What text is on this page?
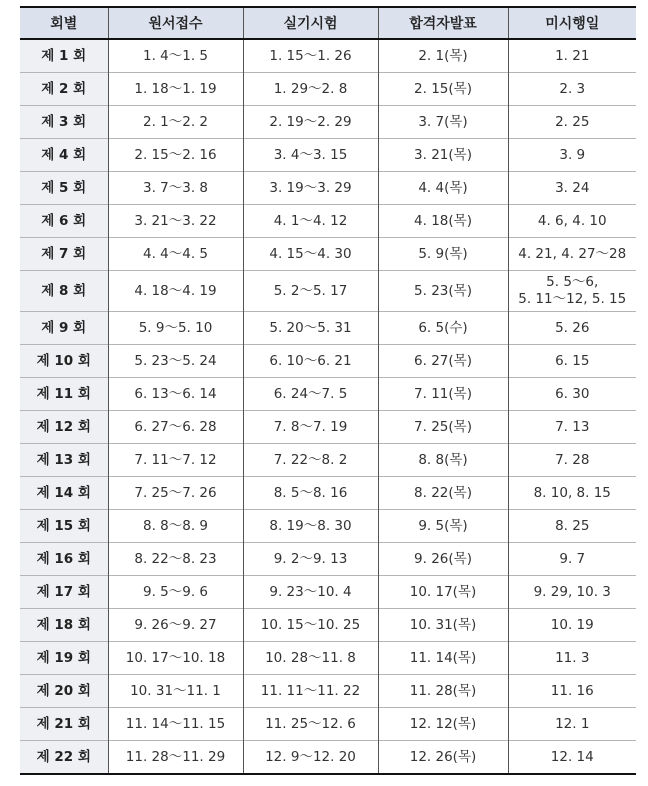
회별	원서접수	실기시험	합격자발표	미시행일
제 1 회	1. 4～1. 5	1. 15～1. 26	2. 1(목)	1. 21
제 2 회	1. 18～1. 19	1. 29～2. 8	2. 15(목)	2. 3
제 3 회	2. 1～2. 2	2. 19～2. 29	3. 7(목)	2. 25
제 4 회	2. 15～2. 16	3. 4～3. 15	3. 21(목)	3. 9
제 5 회	3. 7～3. 8	3. 19～3. 29	4. 4(목)	3. 24
제 6 회	3. 21～3. 22	4. 1～4. 12	4. 18(목)	4. 6, 4. 10
제 7 회	4. 4～4. 5	4. 15～4. 30	5. 9(목)	4. 21, 4. 27～28
제 8 회	4. 18～4. 19	5. 2～5. 17	5. 23(목)	5. 5～6,
5. 11～12, 5. 15
제 9 회	5. 9～5. 10	5. 20～5. 31	6. 5(수)	5. 26
제 10 회	5. 23～5. 24	6. 10～6. 21	6. 27(목)	6. 15
제 11 회	6. 13～6. 14	6. 24～7. 5	7. 11(목)	6. 30
제 12 회	6. 27～6. 28	7. 8～7. 19	7. 25(목)	7. 13
제 13 회	7. 11～7. 12	7. 22～8. 2	8. 8(목)	7. 28
제 14 회	7. 25～7. 26	8. 5～8. 16	8. 22(목)	8. 10, 8. 15
제 15 회	8. 8～8. 9	8. 19～8. 30	9. 5(목)	8. 25
제 16 회	8. 22～8. 23	9. 2～9. 13	9. 26(목)	9. 7
제 17 회	9. 5～9. 6	9. 23～10. 4	10. 17(목)	9. 29, 10. 3
제 18 회	9. 26～9. 27	10. 15～10. 25	10. 31(목)	10. 19
제 19 회	10. 17～10. 18	10. 28～11. 8	11. 14(목)	11. 3
제 20 회	10. 31～11. 1	11. 11～11. 22	11. 28(목)	11. 16
제 21 회	11. 14～11. 15	11. 25～12. 6	12. 12(목)	12. 1
제 22 회	11. 28～11. 29	12. 9～12. 20	12. 26(목)	12. 14
